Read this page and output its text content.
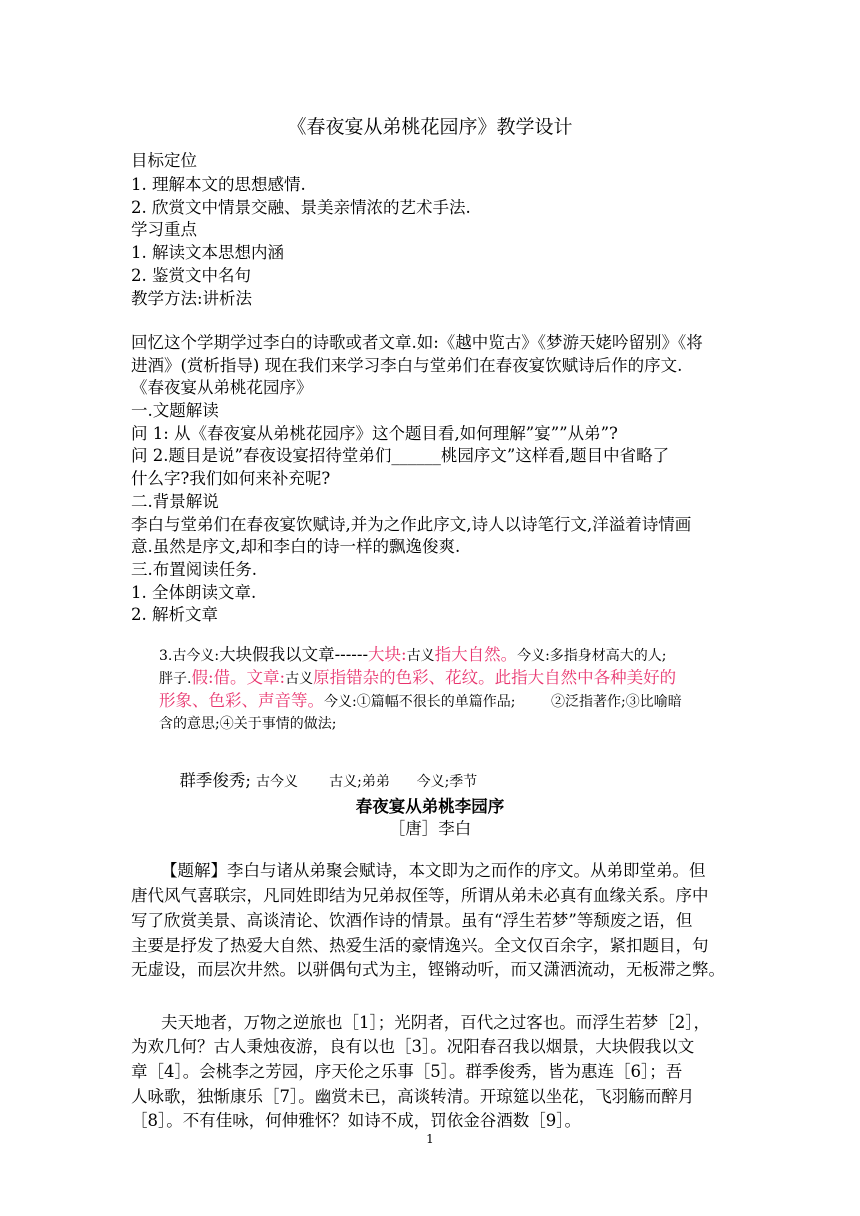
《春夜宴从弟桃花园序》教学设计
目标定位
1. 理解本文的思想感情.
2. 欣赏文中情景交融、景美亲情浓的艺术手法.
学习重点
1. 解读文本思想内涵
2. 鉴赏文中名句
教学方法:讲析法
回忆这个学期学过李白的诗歌或者文章.如:《越中览古》《梦游天姥吟留别》《将
进酒》(赏析指导) 现在我们来学习李白与堂弟们在春夜宴饮赋诗后作的序文.
《春夜宴从弟桃花园序》
一.文题解读
问 1: 从《春夜宴从弟桃花园序》这个题目看,如何理解”宴””从弟”?
问 2.题目是说”春夜设宴招待堂弟们______桃园序文”这样看,题目中省略了
什么字?我们如何来补充呢?
二.背景解说
李白与堂弟们在春夜宴饮赋诗,并为之作此序文,诗人以诗笔行文,洋溢着诗情画
意.虽然是序文,却和李白的诗一样的飘逸俊爽.
三.布置阅读任务.
1. 全体朗读文章.
2. 解析文章
3.古今义:大块假我以文章------大块:古义指大自然。今义:多指身材高大的人;
胖子.假:借。文章:古义原指错杂的色彩、花纹。此指大自然中各种美好的
形象、色彩、声音等。今义:①篇幅不很长的单篇作品;        ②泛指著作;③比喻暗
含的意思;④关于事情的做法;

群季俊秀; 古今义       古义;弟弟      今义;季节

春夜宴从弟桃李园序
［唐］李白
【题解】李白与诸从弟聚会赋诗，本文即为之而作的序文。从弟即堂弟。但
唐代风气喜联宗，凡同姓即结为兄弟叔侄等，所谓从弟未必真有血缘关系。序中
写了欣赏美景、高谈清论、饮酒作诗的情景。虽有“浮生若梦”等颓废之语，但
主要是抒发了热爱大自然、热爱生活的豪情逸兴。全文仅百余字，紧扣题目，句
无虚设，而层次井然。以骈偶句式为主，铿锵动听，而又潇洒流动，无板滞之弊。
夫天地者，万物之逆旅也［1］；光阴者，百代之过客也。而浮生若梦［2］，
为欢几何？古人秉烛夜游，良有以也［3］。况阳春召我以烟景，大块假我以文
章［4］。会桃李之芳园，序天伦之乐事［5］。群季俊秀，皆为惠连［6］；吾
人咏歌，独惭康乐［7］。幽赏未已，高谈转清。开琼筵以坐花，飞羽觞而醉月
［8］。不有佳咏，何伸雅怀？如诗不成，罚依金谷酒数［9］。
1
